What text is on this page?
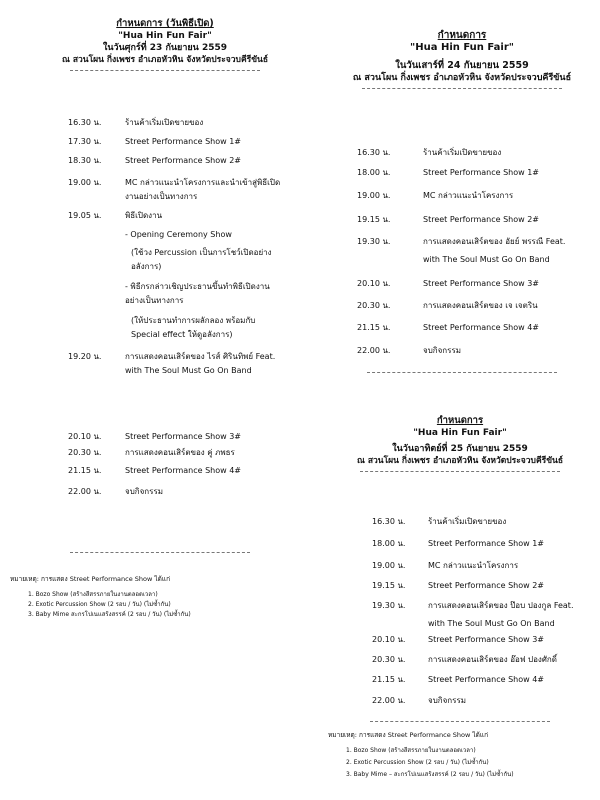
กำหนดการ (วันพิธีเปิด)
"Hua Hin Fun Fair"
ในวันศุกร์ที่ 23 กันยายน 2559
ณ สวนโผน กิ่งเพชร อำเภอหัวหิน จังหวัดประจวบคีรีขันธ์
16.30 น.	ร้านค้าเริ่มเปิดขายของ
17.30 น.	Street Performance Show 1#
18.30 น.	Street Performance Show 2#
19.00 น.	MC กล่าวแนะนำโครงการและนำเข้าสู่พิธีเปิด
งานอย่างเป็นทางการ
19.05 น.	พิธีเปิดงาน
- Opening Ceremony Show
(ใช้วง Percussion เป็นการโชว์เปิดอย่าง
อลังการ)
- พิธีกรกล่าวเชิญประธานขึ้นทำพิธีเปิดงาน
อย่างเป็นทางการ
(ให้ประธานทำการผลักลอง พร้อมกับ
Special effect ให้ดูอลังการ)
19.20 น.	การแสดงคอนเสิร์ตของ ไรส์ ศิรินทิพย์ Feat.
with The Soul Must Go On Band
20.10 น.	Street Performance Show 3#
20.30 น.	การแสดงคอนเสิร์ตของ คู่ ภพธร
21.15 น.	Street Performance Show 4#
22.00 น.	จบกิจกรรม
หมายเหตุ: การแสดง Street Performance Show ได้แก่
1. Bozo Show (สร้างสีสรรภายในงานตลอดเวลา)
2. Exotic Percussion Show (2 รอบ / วัน) (ไม่ซ้ำกัน)
3. Baby Mime สะกรโปเนแสร้งสรรค์ (2 รอบ / วัน) (ไม่ซ้ำกัน)
กำหนดการ
"Hua Hin Fun Fair"
ในวันเสาร์ที่ 24 กันยายน 2559
ณ สวนโผน กิ่งเพชร อำเภอหัวหิน จังหวัดประจวบคีรีขันธ์
16.30 น.	ร้านค้าเริ่มเปิดขายของ
18.00 น.	Street Performance Show 1#
19.00 น.	MC กล่าวแนะนำโครงการ
19.15 น.	Street Performance Show 2#
19.30 น.	การแสดงคอนเสิร์ตของ อัยย์ พรรณี Feat.
with The Soul Must Go On Band
20.10 น.	Street Performance Show 3#
20.30 น.	การแสดงคอนเสิร์ตของ เจ เจตริน
21.15 น.	Street Performance Show 4#
22.00 น.	จบกิจกรรม
กำหนดการ
"Hua Hin Fun Fair"
ในวันอาทิตย์ที่ 25 กันยายน 2559
ณ สวนโผน กิ่งเพชร อำเภอหัวหิน จังหวัดประจวบคีรีขันธ์
16.30 น.	ร้านค้าเริ่มเปิดขายของ
18.00 น.	Street Performance Show 1#
19.00 น.	MC กล่าวแนะนำโครงการ
19.15 น.	Street Performance Show 2#
19.30 น.	การแสดงคอนเสิร์ตของ ป๊อบ ปองกูล Feat.
with The Soul Must Go On Band
20.10 น.	Street Performance Show 3#
20.30 น.	การแสดงคอนเสิร์ตของ อ๊อฟ ปองศักดิ์
21.15 น.	Street Performance Show 4#
22.00 น.	จบกิจกรรม
หมายเหตุ: การแสดง Street Performance Show ได้แก่
1. Bozo Show (สร้างสีสรรภายในงานตลอดเวลา)
2. Exotic Percussion Show (2 รอบ / วัน) (ไม่ซ้ำกัน)
3. Baby Mime – สะกรโปเนแสร้งสรรค์ (2 รอบ / วัน) (ไม่ซ้ำกัน)
